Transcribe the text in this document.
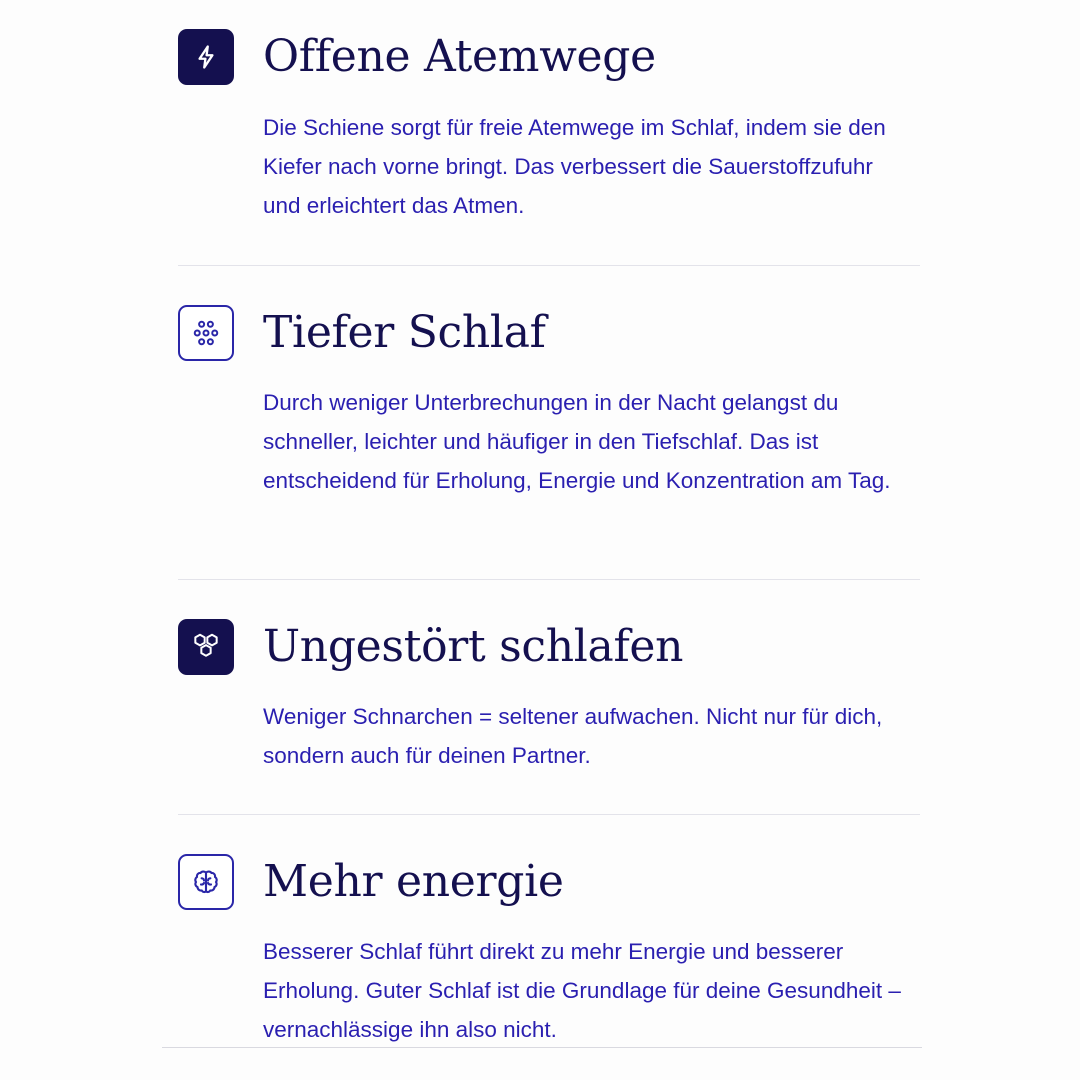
Offene Atemwege

Die Schiene sorgt für freie Atemwege im Schlaf, indem sie den Kiefer nach vorne bringt. Das verbessert die Sauerstoffzufuhr und erleichtert das Atmen.

Tiefer Schlaf

Durch weniger Unterbrechungen in der Nacht gelangst du schneller, leichter und häufiger in den Tiefschlaf. Das ist entscheidend für Erholung, Energie und Konzentration am Tag.

Ungestört schlafen

Weniger Schnarchen = seltener aufwachen. Nicht nur für dich, sondern auch für deinen Partner.

Mehr energie

Besserer Schlaf führt direkt zu mehr Energie und besserer Erholung. Guter Schlaf ist die Grundlage für deine Gesundheit – vernachlässige ihn also nicht.
